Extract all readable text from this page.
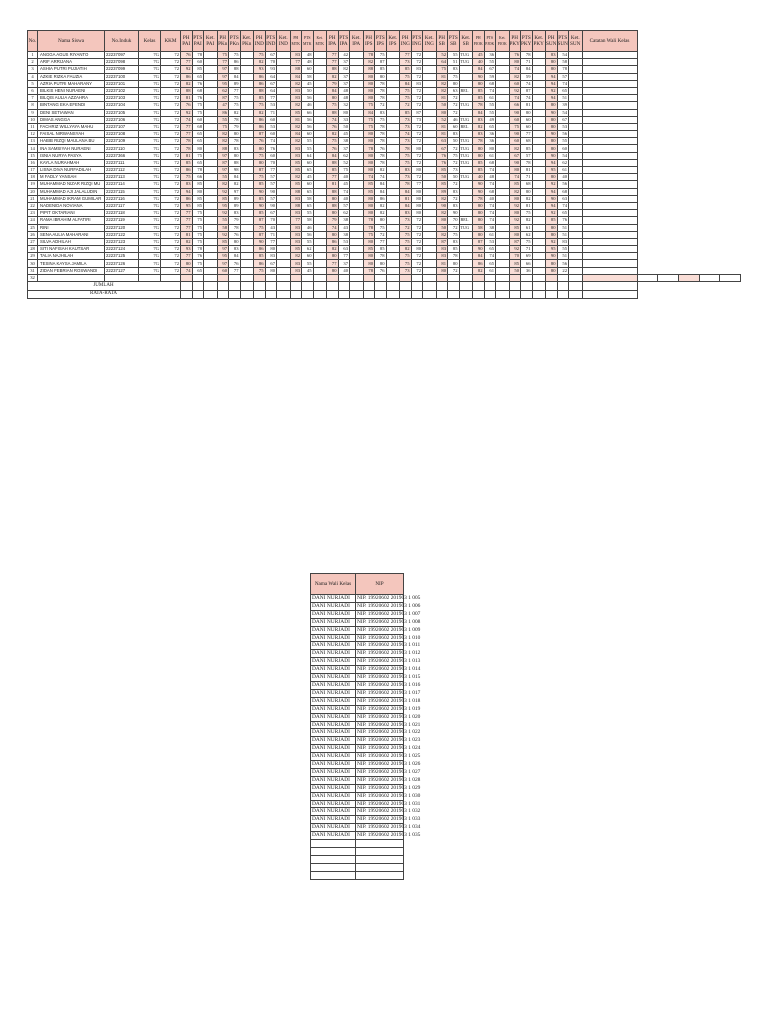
No.	Nama Siswa	No.Induk	Kelas	KKM	PH PAI	PTS PAI	Ket. PAI	PH PKn	PTS PKn	Ket. PKn	PH IND	PTS IND	Ket. IND	PH MTK	PTS MTK	Ket. MTK	PH IPA	PTS IPA	Ket. IPA	PH IPS	PTS IPS	Ket. IPS	PH ING	PTS ING	Ket. ING	PH SB	PTS SB	Ket. SB	PH PJOK	PTS PJOK	Ket. PJOK	PH PKY	PTS PKY	Ket. PKY	PH SUN	PTS SUN	Ket. SUN	Catatan Wali Kelas					
1	ANGGA AGUS RIYANTO	22237097	7G	72	76	78		75	75		75	67		83	48		77	42		78	75		77	72		52	55	TUG	45	36		76	78		83	54							
2	ARIF ARRIJANA	22237098	7G	72	77	60		77	86		82	70		77	48		77	37		82	87		73	72		64	51	TUG	40	55		80	71		80	58							
3	ASHIA PUTRI PUJIATIH	22237099	7G	72	92	85		97	88		93	93		88	60		88	82		88	85		85	83		75	83		84	67		74	84		80	78							
4	AZKIE RIZKA FAUZIA	22237100	7G	72	86	65		97	84		86	64		84	58		82	37		80	80		75	72		81	75		90	59		82	59		94	57							
5	AZRIA PUTRI MAHARANY	22237101	7G	72	82	76		95	89		86	67		82	45		79	37		80	78		84	83		82	80		80	68		60	74		94	74							
6	BILKIS HENI NURAENI	22237102	7G	72	88	68		62	77		88	64		83	50		84	48		80	78		75	72		82	63	BEL	85	74		92	87		92	65							
7	BILQIS AULIA AZZAHRA	22237103	7G	72	81	76		87	75		85	77		83	56		80	48		80	78		75	72		81	72		85	61		74	74		94	51							
8	BINTANG EKA EFENDI	22237104	7G	72	76	75		47	75		75	53		82	46		75	32		75	72		72	72		50	72	TUG	78	55		66	81		80	39							
9	DENI SETIAWAN	22237105	7G	72	92	75		86	82		82	71		85	66		88	80		84	83		85	87		80	72		84	55		90	80		90	54							
10	DIMAS ANGGA	22237106	7G	72	74	60		55	78		86	60		81	56		74	33		75	75		73	73		52	46	TUG	83	49		60	60		80	67							
11	FACHRIZ WILLYAYA MAHU	22237107	7G	72	77	68		75	79		86	53		82	56		76	50		75	78		73	72		81	60	BEL	82	65		75	60		80	53							
12	FAISAL NIRWANSYAH	22237108	7G	72	77	65		82	80		87	60		84	60		82	45		80	78		74	72		81	83		83	36		90	77		90	56							
13	HABIB RIZQI MAULANA BU	22237109	7G	72	78	65		82	78		76	74		82	55		75	38		80	78		73	72		63	50	TUG	78	36		60	68		80	55							
14	INA SAMSIYAH NURAENI	22237110	7G	72	78	80		88	83		80	76		83	55		76	37		78	76		78	80		67	72	TUG	80	80		82	85		80	60							
15	ISNIA NURYA PASYA	22237366	7G	72	81	75		97	80		75	60		83	64		84	62		80	78		75	72		76	75	TUG	80	61		67	57		90	54							
16	KAYLA NURAHMAH	22237111	7G	72	85	65		87	88		80	70		85	60		88	52		80	78		75	72		76	72	TUG	85	68		90	78		94	62							
17	LISNA DIVA NURFADILAH	22237112	7G	72	86	78		97	98		87	77		85	65		85	75		80	82		83	80		85	73		85	74		80	81		95	61							
18	M FADLY YANSAH	22237113	7G	72	75	66		55	84		75	57		82	45		77	40		74	74		73	72		50	50	TUG	40	48		74	71		80	40							
19	MUHAMMAD NIZAR RIZQI MU	22237114	7G	72	83	85		82	82		85	57		85	60		81	45		85	84		78	77		85	72		90	74		85	68		92	56							
20	MUHAMMAD AJI JALALUDIN	22237115	7G	72	94	80		92	97		90	90		88	65		88	74		85	84		84	80		89	83		90	68		82	80		94	68							
21	MUHAMMAD IKRAM GUMILAR	22237116	7G	72	86	85		85	89		85	57		83	58		80	40		80	86		81	80		82	72		78	40		80	82		90	63							
22	NADENIDA NOVIANA	22237117	7G	72	95	85		95	89		90	90		88	65		88	57		80	82		84	80		90	83		80	74		92	81		94	74							
23	PIPIT OKTARIANI	22237118	7G	72	77	75		92	83		85	67		83	55		80	62		80	82		83	80		82	90		80	74		80	75		92	65							
24	RAMA IBRAHIM ALFATIRI	22237119	7G	72	77	75		55	79		87	70		77	58		79	38		78	80		73	72		80	70	BEL	80	74		92	82		85	76							
25	RINI	22237120	7G	72	77	75		58	78		75	43		83	46		74	43		78	75		72	72		50	72	TUG	58	38		85	61		80	51							
26	SENA AULIA MAHARANI	22237122	7G	72	81	75		92	76		87	71		83	56		80	38		75	72		75	72		82	75		80	61		80	62		80	51							
27	SILVA ADHILAH	22237123	7G	72	82	75		85	80		90	77		83	55		86	53		80	77		75	72		87	83		87	53		87	75		92	83							
28	SITI NAFISAH KAUTSAR	22237124	7G	72	93	78		97	83		86	80		85	62		82	63		85	85		82	80		83	85		90	65		92	71		95	55							
29	TALIA NAJHILAH	22237125	7G	72	77	76		95	84		85	83		82	60		80	77		80	78		75	72		83	78		84	74		70	69		90	51							
30	TESINA KAYSA JAMILA	22237126	7G	72	80	75		97	76		86	67		83	55		77	37		80	80		75	72		81	80		86	65		85	66		80	56							
31	ZIDAN FEBRIAN ROSWANDI	22237127	7G	72	74	65		60	77		75	80		83	45		80	40		78	76		73	72		80	72		82	61		50	36		80	22							
32																																											
JUMLAH																																											
RATA-RATA																																											
Nama Wali Kelas	NIP
DANI NURJADI	NIP. 19920602 201903 1 005
DANI NURJADI	NIP. 19920602 201903 1 006
DANI NURJADI	NIP. 19920602 201903 1 007
DANI NURJADI	NIP. 19920602 201903 1 008
DANI NURJADI	NIP. 19920602 201903 1 009
DANI NURJADI	NIP. 19920602 201903 1 010
DANI NURJADI	NIP. 19920602 201903 1 011
DANI NURJADI	NIP. 19920602 201903 1 012
DANI NURJADI	NIP. 19920602 201903 1 013
DANI NURJADI	NIP. 19920602 201903 1 014
DANI NURJADI	NIP. 19920602 201903 1 015
DANI NURJADI	NIP. 19920602 201903 1 016
DANI NURJADI	NIP. 19920602 201903 1 017
DANI NURJADI	NIP. 19920602 201903 1 018
DANI NURJADI	NIP. 19920602 201903 1 019
DANI NURJADI	NIP. 19920602 201903 1 020
DANI NURJADI	NIP. 19920602 201903 1 021
DANI NURJADI	NIP. 19920602 201903 1 022
DANI NURJADI	NIP. 19920602 201903 1 023
DANI NURJADI	NIP. 19920602 201903 1 024
DANI NURJADI	NIP. 19920602 201903 1 025
DANI NURJADI	NIP. 19920602 201903 1 026
DANI NURJADI	NIP. 19920602 201903 1 027
DANI NURJADI	NIP. 19920602 201903 1 028
DANI NURJADI	NIP. 19920602 201903 1 029
DANI NURJADI	NIP. 19920602 201903 1 030
DANI NURJADI	NIP. 19920602 201903 1 031
DANI NURJADI	NIP. 19920602 201903 1 032
DANI NURJADI	NIP. 19920602 201903 1 033
DANI NURJADI	NIP. 19920602 201903 1 034
DANI NURJADI	NIP. 19920602 201903 1 035
